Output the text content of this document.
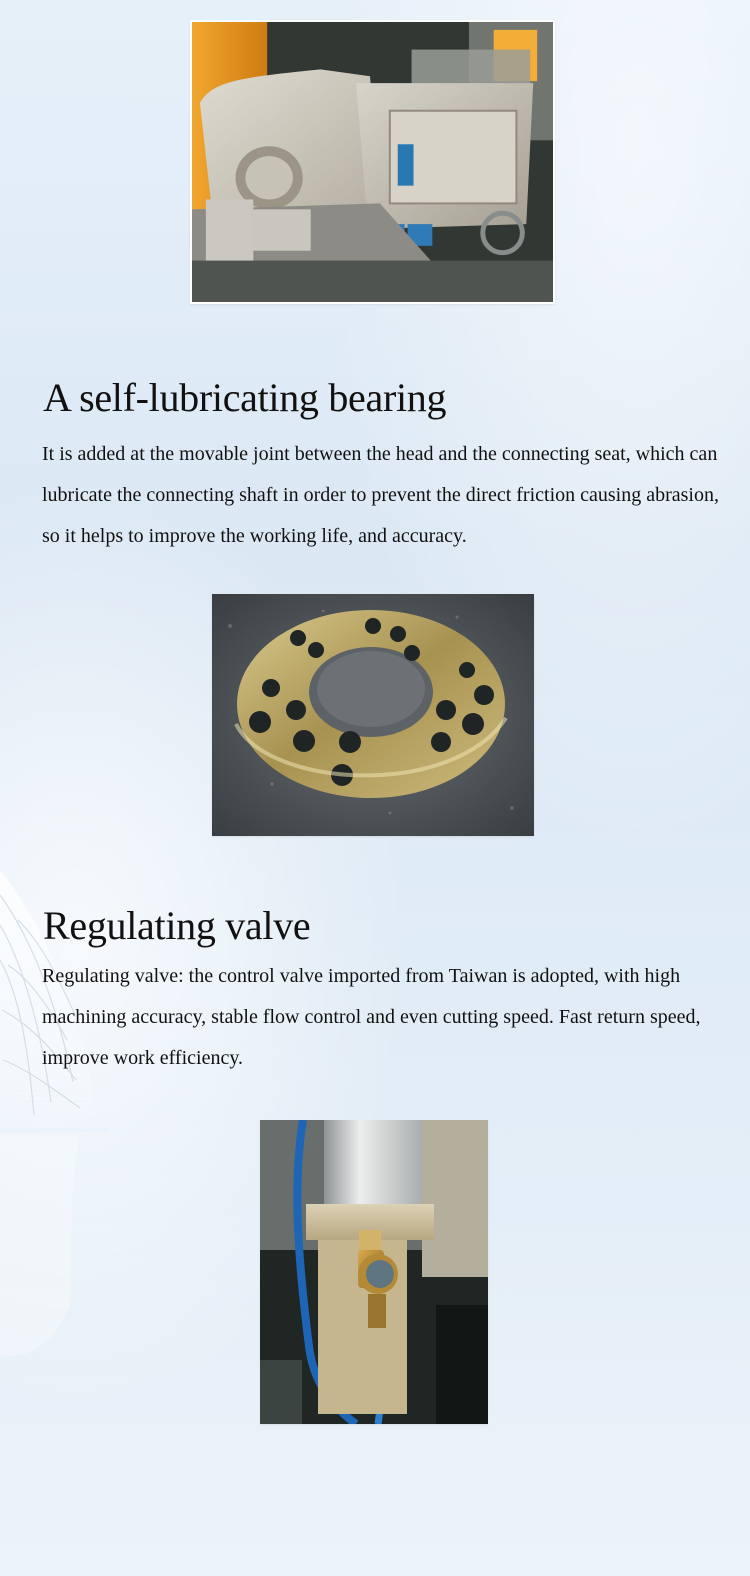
A self-lubricating bearing

It is added at the movable joint between the head and the connecting seat, which can lubricate the connecting shaft in order to prevent the direct friction causing abrasion, so it helps to improve the working life, and accuracy.

Regulating valve

Regulating valve: the control valve imported from Taiwan is adopted, with high machining accuracy, stable flow control and even cutting speed. Fast return speed, improve work efficiency.
